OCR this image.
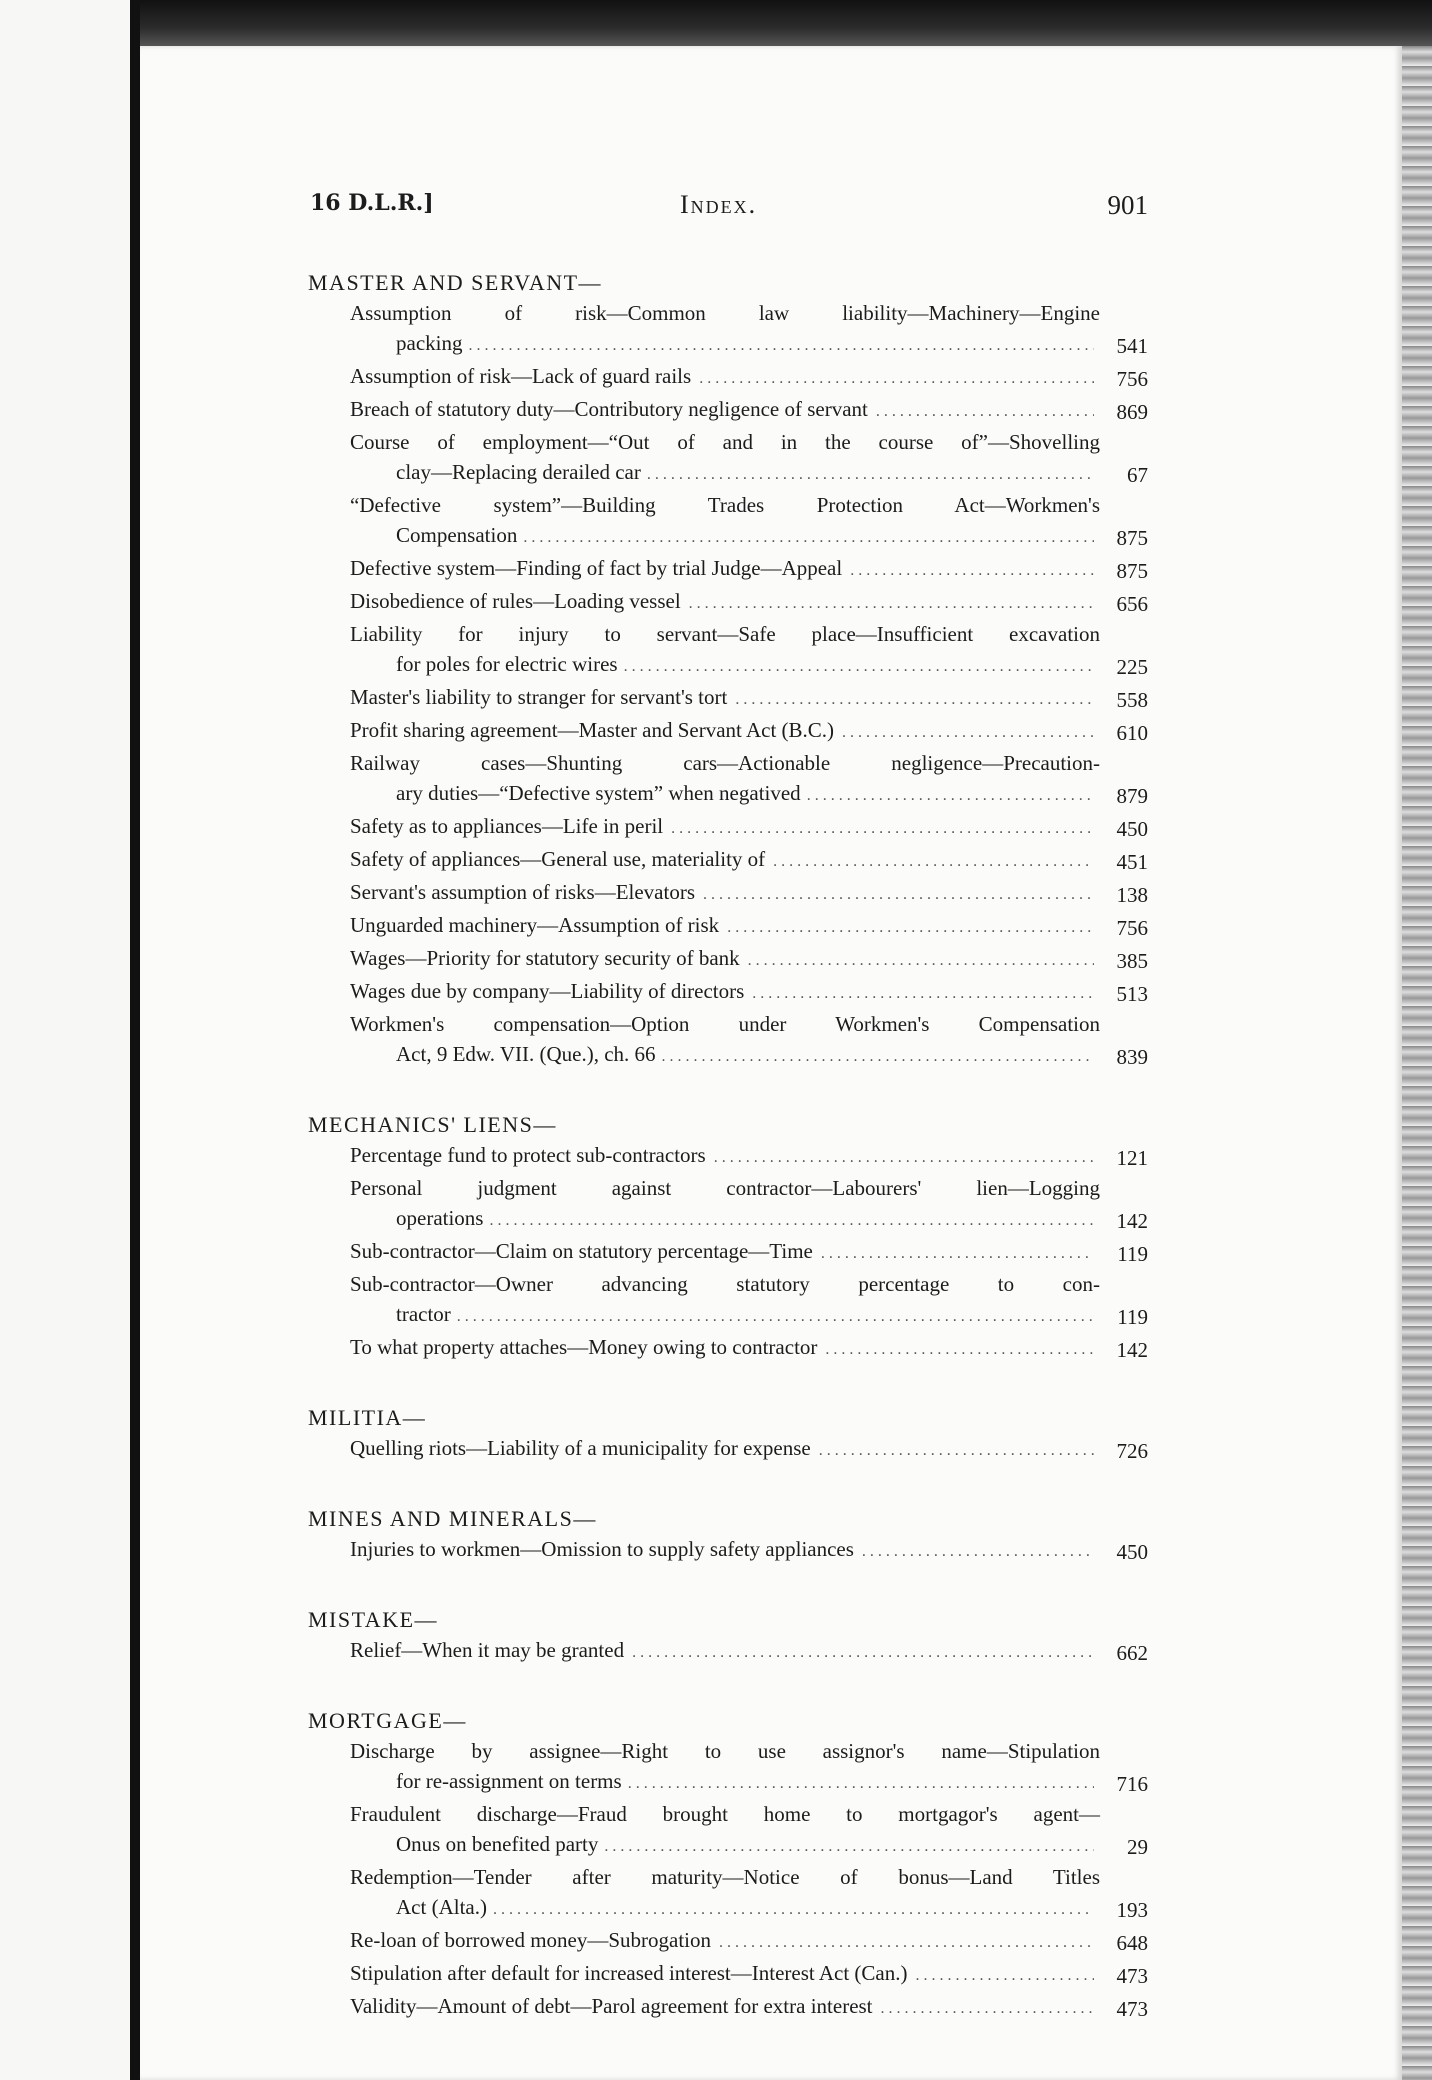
16 D.L.R.]	Index.	901
MASTER AND SERVANT—
Assumption of risk—Common law liability—Machinery—Engine
packing .....	541
Assumption of risk—Lack of guard rails .....	756
Breach of statutory duty—Contributory negligence of servant .....	869
Course of employment—“Out of and in the course of”—Shovelling
clay—Replacing derailed car .....	67
“Defective system”—Building Trades Protection Act—Workmen's
Compensation .....	875
Defective system—Finding of fact by trial Judge—Appeal .....	875
Disobedience of rules—Loading vessel .....	656
Liability for injury to servant—Safe place—Insufficient excavation
for poles for electric wires .....	225
Master's liability to stranger for servant's tort .....	558
Profit sharing agreement—Master and Servant Act (B.C.) .....	610
Railway cases—Shunting cars—Actionable negligence—Precaution-
ary duties—“Defective system” when negatived .....	879
Safety as to appliances—Life in peril .....	450
Safety of appliances—General use, materiality of .....	451
Servant's assumption of risks—Elevators .....	138
Unguarded machinery—Assumption of risk .....	756
Wages—Priority for statutory security of bank .....	385
Wages due by company—Liability of directors .....	513
Workmen's compensation—Option under Workmen's Compensation
Act, 9 Edw. VII. (Que.), ch. 66 .....	839
MECHANICS' LIENS—
Percentage fund to protect sub-contractors .....	121
Personal judgment against contractor—Labourers' lien—Logging
operations .....	142
Sub-contractor—Claim on statutory percentage—Time .....	119
Sub-contractor—Owner advancing statutory percentage to con-
tractor .....	119
To what property attaches—Money owing to contractor .....	142
MILITIA—
Quelling riots—Liability of a municipality for expense .....	726
MINES AND MINERALS—
Injuries to workmen—Omission to supply safety appliances .....	450
MISTAKE—
Relief—When it may be granted .....	662
MORTGAGE—
Discharge by assignee—Right to use assignor's name—Stipulation
for re-assignment on terms .....	716
Fraudulent discharge—Fraud brought home to mortgagor's agent—
Onus on benefited party .....	29
Redemption—Tender after maturity—Notice of bonus—Land Titles
Act (Alta.) .....	193
Re-loan of borrowed money—Subrogation .....	648
Stipulation after default for increased interest—Interest Act (Can.) .....	473
Validity—Amount of debt—Parol agreement for extra interest .....	473
